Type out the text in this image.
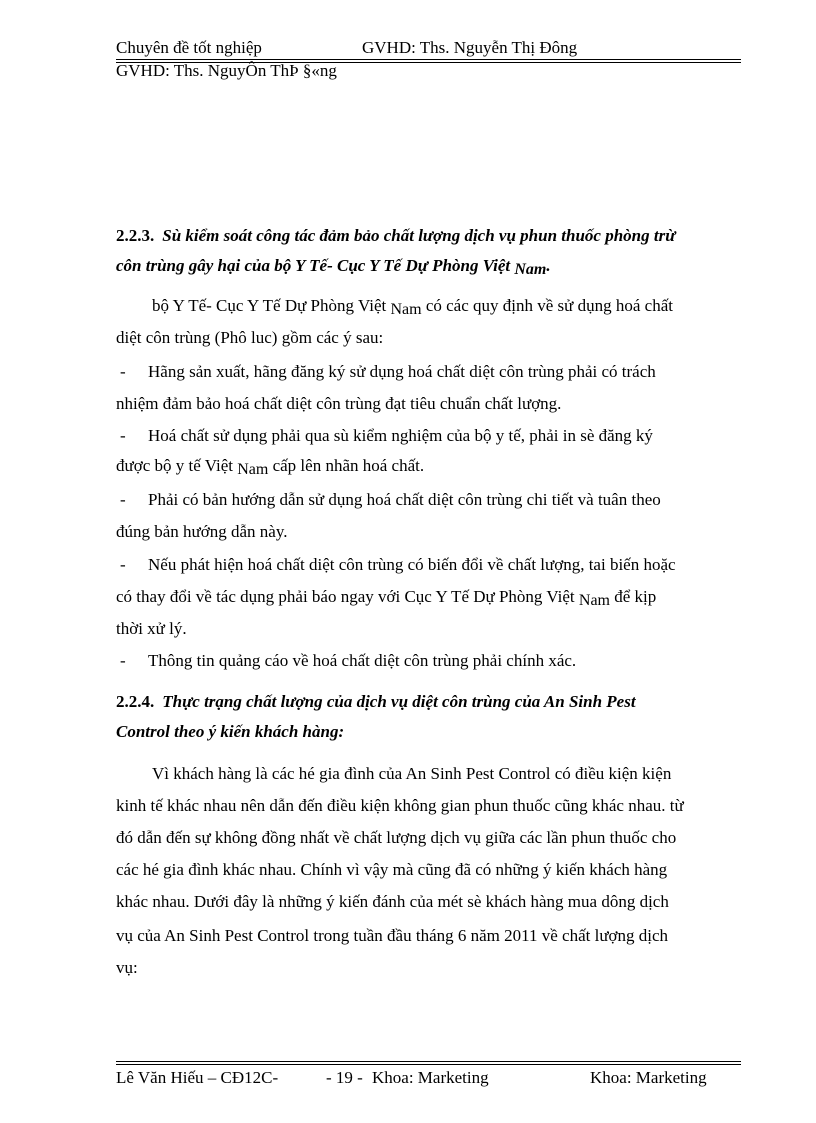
Chuyên đề tốt nghiệp	GVHD: Ths. Nguyễn Thị Đông
GVHD: Ths. NguyÔn ThÞ §«ng
2.2.3. Sù kiểm soát công tác đảm bảo chất lượng dịch vụ phun thuốc phòng trừ
côn trùng gây hại của bộ Y Tế- Cục Y Tế Dự Phòng Việt Nam.
bộ Y Tế- Cục Y Tế Dự Phòng Việt Nam có các quy định về sử dụng hoá chất
diệt côn trùng (Phô luc) gồm các ý sau:
- Hãng sản xuất, hãng đăng ký sử dụng hoá chất diệt côn trùng phải có trách
nhiệm đảm bảo hoá chất diệt côn trùng đạt tiêu chuẩn chất lượng.
- Hoá chất sử dụng phải qua sù kiểm nghiệm của bộ y tế, phải in sè đăng ký
được bộ y tế Việt Nam cấp lên nhãn hoá chất.
- Phải có bản hướng dẫn sử dụng hoá chất diệt côn trùng chi tiết và tuân theo
đúng bản hướng dẫn này.
- Nếu phát hiện hoá chất diệt côn trùng có biến đổi về chất lượng, tai biến hoặc
có thay đổi về tác dụng phải báo ngay với Cục Y Tế Dự Phòng Việt Nam để kịp
thời xử lý.
- Thông tin quảng cáo về hoá chất diệt côn trùng phải chính xác.
2.2.4. Thực trạng chất lượng của dịch vụ diệt côn trùng của An Sinh Pest
Control theo ý kiến khách hàng:
Vì khách hàng là các hé gia đình của An Sinh Pest Control có điều kiện kiện
kinh tế khác nhau nên dẫn đến điều kiện không gian phun thuốc cũng khác nhau. từ
đó dẫn đến sự không đồng nhất về chất lượng dịch vụ giữa các lần phun thuốc cho
các hé gia đình khác nhau. Chính vì vậy mà cũng đã có những ý kiến khách hàng
khác nhau. Dưới đây là những ý kiến đánh của mét sè khách hàng mua dông dịch
vụ của An Sinh Pest Control trong tuần đầu tháng 6 năm 2011 về chất lượng dịch
vụ:
Lê Văn Hiếu – CĐ12C-	- 19 - Khoa: Marketing	Khoa: Marketing
